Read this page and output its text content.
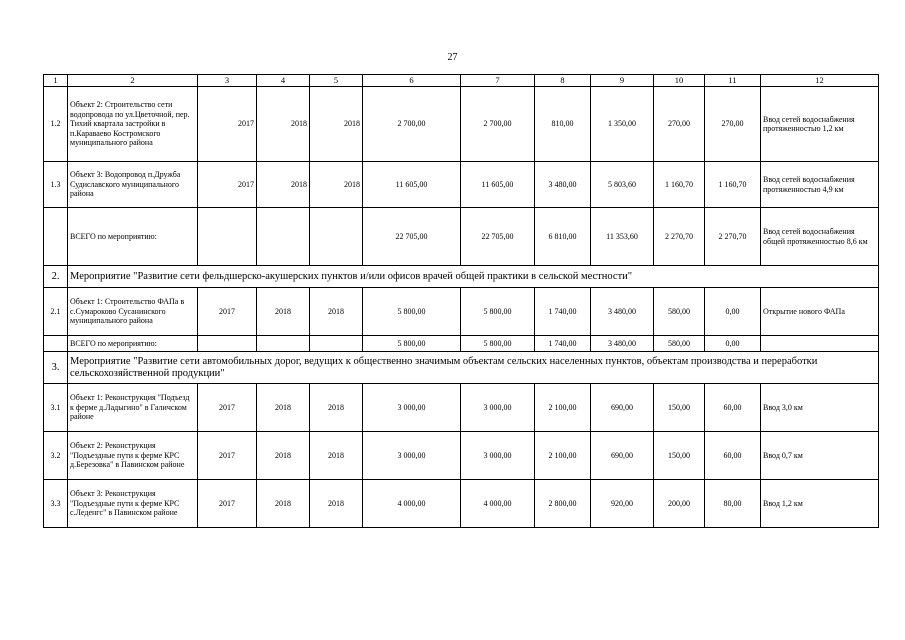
27
1	2	3	4	5	6	7	8	9	10	11	12
1.2	Объект 2: Строительство сети водопровода по ул.Цветочной, пер. Тихий квартала застройки в п.Караваево Костромского муниципального района	2017	2018	2018	2 700,00	2 700,00	810,00	1 350,00	270,00	270,00	Ввод сетей водоснабжения протяженностью 1,2 км
1.3	Объект 3: Водопровод п.Дружба Судиславского муниципального района	2017	2018	2018	11 605,00	11 605,00	3 480,00	5 803,60	1 160,70	1 160,70	Ввод сетей водоснабжения протяженностью 4,9 км
	ВСЕГО по мероприятию:				22 705,00	22 705,00	6 810,00	11 353,60	2 270,70	2 270,70	Ввод сетей водоснабжения общей протяженностью 8,6 км
2.	Мероприятие "Развитие сети фельдшерско-акушерских пунктов и/или офисов врачей общей практики в сельской местности"										
2.1	Объект 1: Строительство ФАПа в с.Сумароково Сусанинского муниципального района	2017	2018	2018	5 800,00	5 800,00	1 740,00	3 480,00	580,00	0,00	Открытие нового ФАПа
	ВСЕГО по мероприятию:				5 800,00	5 800,00	1 740,00	3 480,00	580,00	0,00	
3.	Мероприятие "Развитие сети автомобильных дорог, ведущих к общественно значимым объектам сельских населенных пунктов, объектам производства и переработки сельскохозяйственной продукции"										
3.1	Объект 1: Реконструкция "Подъезд к ферме д.Ладыгино" в Галичском районе	2017	2018	2018	3 000,00	3 000,00	2 100,00	690,00	150,00	60,00	Ввод 3,0 км
3.2	Объект 2: Реконструкция "Подъездные пути к ферме КРС д.Березовка" в Павинском районе	2017	2018	2018	3 000,00	3 000,00	2 100,00	690,00	150,00	60,00	Ввод 0,7 км
3.3	Объект 3: Реконструкция "Подъездные пути к ферме КРС с.Леденгс" в Павинском районе	2017	2018	2018	4 000,00	4 000,00	2 800,00	920,00	200,00	80,00	Ввод 1,2 км
